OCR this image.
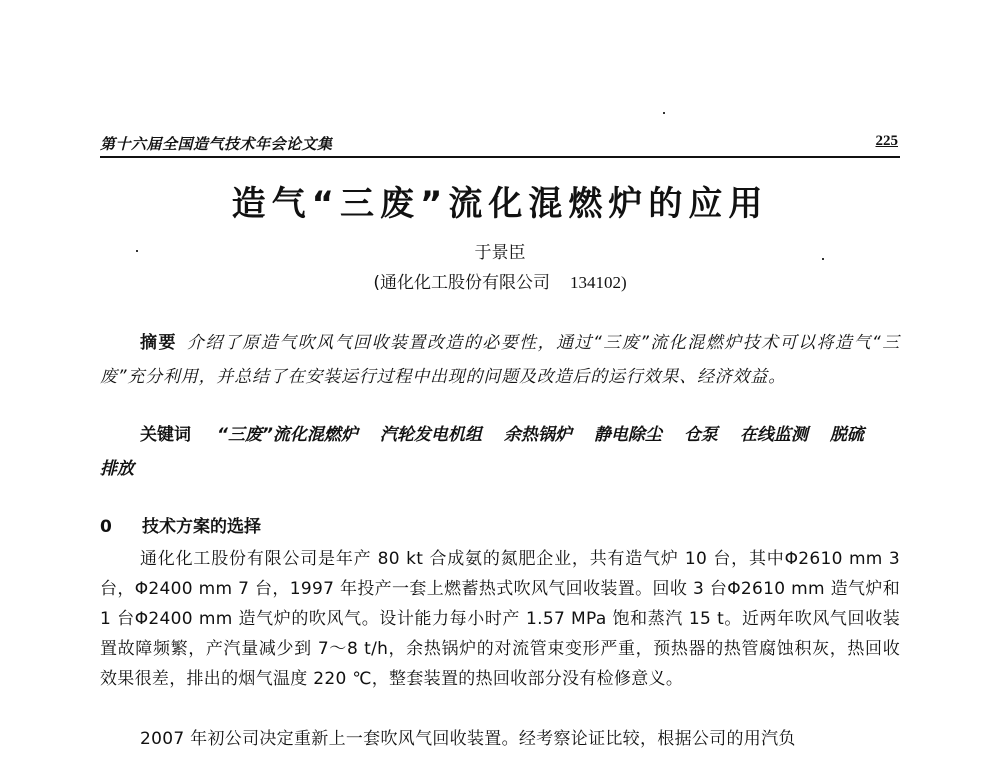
第十六届全国造气技术年会论文集	225
造气“三废”流化混燃炉的应用
于景臣
(通化化工股份有限公司 134102)
摘要 介绍了原造气吹风气回收装置改造的必要性，通过“三废”流化混燃炉技术可以将造气“三废”充分利用，并总结了在安装运行过程中出现的问题及改造后的运行效果、经济效益。
关键词 “三废”流化混燃炉 汽轮发电机组 余热锅炉 静电除尘 仓泵 在线监测 脱硫排放
0 技术方案的选择

通化化工股份有限公司是年产 80 kt 合成氨的氮肥企业，共有造气炉 10 台，其中Φ2610 mm 3 台，Φ2400 mm 7 台，1997 年投产一套上燃蓄热式吹风气回收装置。回收 3 台Φ2610 mm 造气炉和 1 台Φ2400 mm 造气炉的吹风气。设计能力每小时产 1.57 MPa 饱和蒸汽 15 t。近两年吹风气回收装置故障频繁，产汽量减少到 7～8 t/h，余热锅炉的对流管束变形严重，预热器的热管腐蚀积灰，热回收效果很差，排出的烟气温度 220 ℃，整套装置的热回收部分没有检修意义。

2007 年初公司决定重新上一套吹风气回收装置。经考察论证比较，根据公司的用汽负
